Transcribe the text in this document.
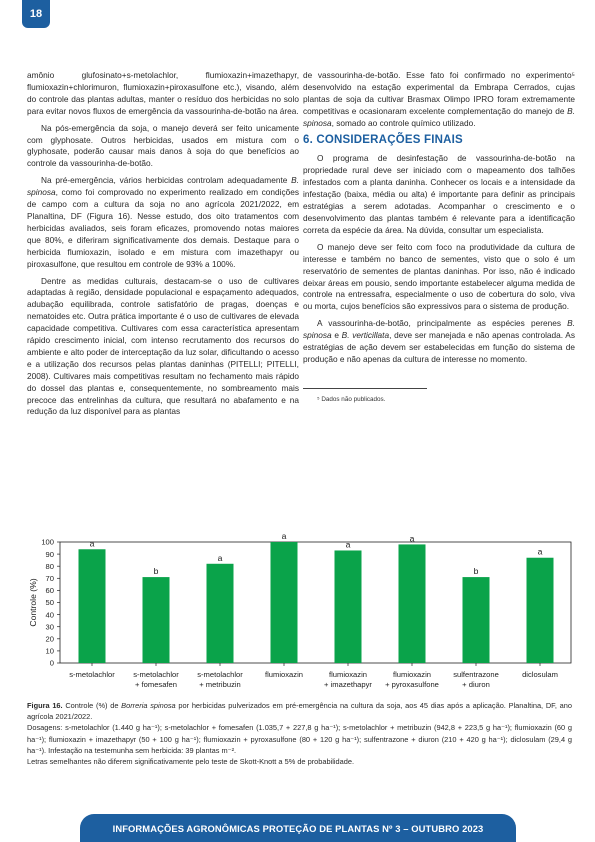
18

amônio glufosinato+s-metolachlor, flumioxazin+imazethapyr, flumioxazin+chlorimuron, flumioxazin+piroxasulfone etc.), visando, além do controle das plantas adultas, manter o resíduo dos herbicidas no solo para evitar novos fluxos de emergência da vassourinha-de-botão na área.

Na pós-emergência da soja, o manejo deverá ser feito unicamente com glyphosate. Outros herbicidas, usados em mistura com o glyphosate, poderão causar mais danos à soja do que benefícios ao controle da vassourinha-de-botão.

Na pré-emergência, vários herbicidas controlam adequadamente B. spinosa, como foi comprovado no experimento realizado em condições de campo com a cultura da soja no ano agrícola 2021/2022, em Planaltina, DF (Figura 16). Nesse estudo, dos oito tratamentos com herbicidas avaliados, seis foram eficazes, promovendo notas maiores que 80%, e diferiram significativamente dos demais. Destaque para o herbicida flumioxazin, isolado e em mistura com imazethapyr ou piroxasulfone, que resultou em controle de 93% a 100%.

Dentre as medidas culturais, destacam-se o uso de cultivares adaptadas à região, densidade populacional e espaçamento adequados, adubação equilibrada, controle satisfatório de pragas, doenças e nematoides etc. Outra prática importante é o uso de cultivares de elevada capacidade competitiva. Cultivares com essa característica apresentam rápido crescimento inicial, com intenso recrutamento dos recursos do ambiente e alto poder de interceptação da luz solar, dificultando o acesso e a utilização dos recursos pelas plantas daninhas (PITELLI; PITELLI, 2008). Cultivares mais competitivas resultam no fechamento mais rápido do dossel das plantas e, consequentemente, no sombreamento mais precoce das entrelinhas da cultura, que resultará no abafamento e na redução da luz disponível para as plantas

de vassourinha-de-botão. Esse fato foi confirmado no experimento⁵ desenvolvido na estação experimental da Embrapa Cerrados, cujas plantas de soja da cultivar Brasmax Olimpo IPRO foram extremamente competitivas e ocasionaram excelente complementação do manejo de B. spinosa, somado ao controle químico utilizado.

6. CONSIDERAÇÕES FINAIS

O programa de desinfestação de vassourinha-de-botão na propriedade rural deve ser iniciado com o mapeamento dos talhões infestados com a planta daninha. Conhecer os locais e a intensidade da infestação (baixa, média ou alta) é importante para definir as principais estratégias a serem adotadas. Acompanhar o crescimento e o desenvolvimento das plantas também é relevante para a identificação correta da espécie da área. Na dúvida, consultar um especialista.

O manejo deve ser feito com foco na produtividade da cultura de interesse e também no banco de sementes, visto que o solo é um reservatório de sementes de plantas daninhas. Por isso, não é indicado deixar áreas em pousio, sendo importante estabelecer alguma medida de controle na entressafra, especialmente o uso de cobertura do solo, viva ou morta, cujos benefícios são expressivos para o sistema de produção.

A vassourinha-de-botão, principalmente as espécies perenes B. spinosa e B. verticillata, deve ser manejada e não apenas controlada. As estratégias de ação devem ser estabelecidas em função do sistema de produção e não apenas da cultura de interesse no momento.

⁵ Dados não publicados.

0
10
20
30
40
50
60
70
80
90
100
Controle (%)
a
s-metolachlor
b
s-metolachlor
+ fomesafen
a
s-metolachlor
+ metribuzin
a
flumioxazin
a
flumioxazin
+ imazethapyr
a
flumioxazin
+ pyroxasulfone
b
sulfentrazone
+ diuron
a
diclosulam
Figura 16. Controle (%) de Borreria spinosa por herbicidas pulverizados em pré-emergência na cultura da soja, aos 45 dias após a aplicação. Planaltina, DF, ano agrícola 2021/2022.
Dosagens: s-metolachlor (1.440 g ha⁻¹); s-metolachlor + fomesafen (1.035,7 + 227,8 g ha⁻¹); s-metolachlor + metribuzin (942,8 + 223,5 g ha⁻¹); flumioxazin (60 g ha⁻¹); flumioxazin + imazethapyr (50 + 100 g ha⁻¹); flumioxazin + pyroxasulfone (80 + 120 g ha⁻¹); sulfentrazone + diuron (210 + 420 g ha⁻¹); diclosulam (29,4 g ha⁻¹). Infestação na testemunha sem herbicida: 39 plantas m⁻².
Letras semelhantes não diferem significativamente pelo teste de Skott-Knott a 5% de probabilidade.
INFORMAÇÕES AGRONÔMICAS PROTEÇÃO DE PLANTAS Nº 3 – OUTUBRO 2023
